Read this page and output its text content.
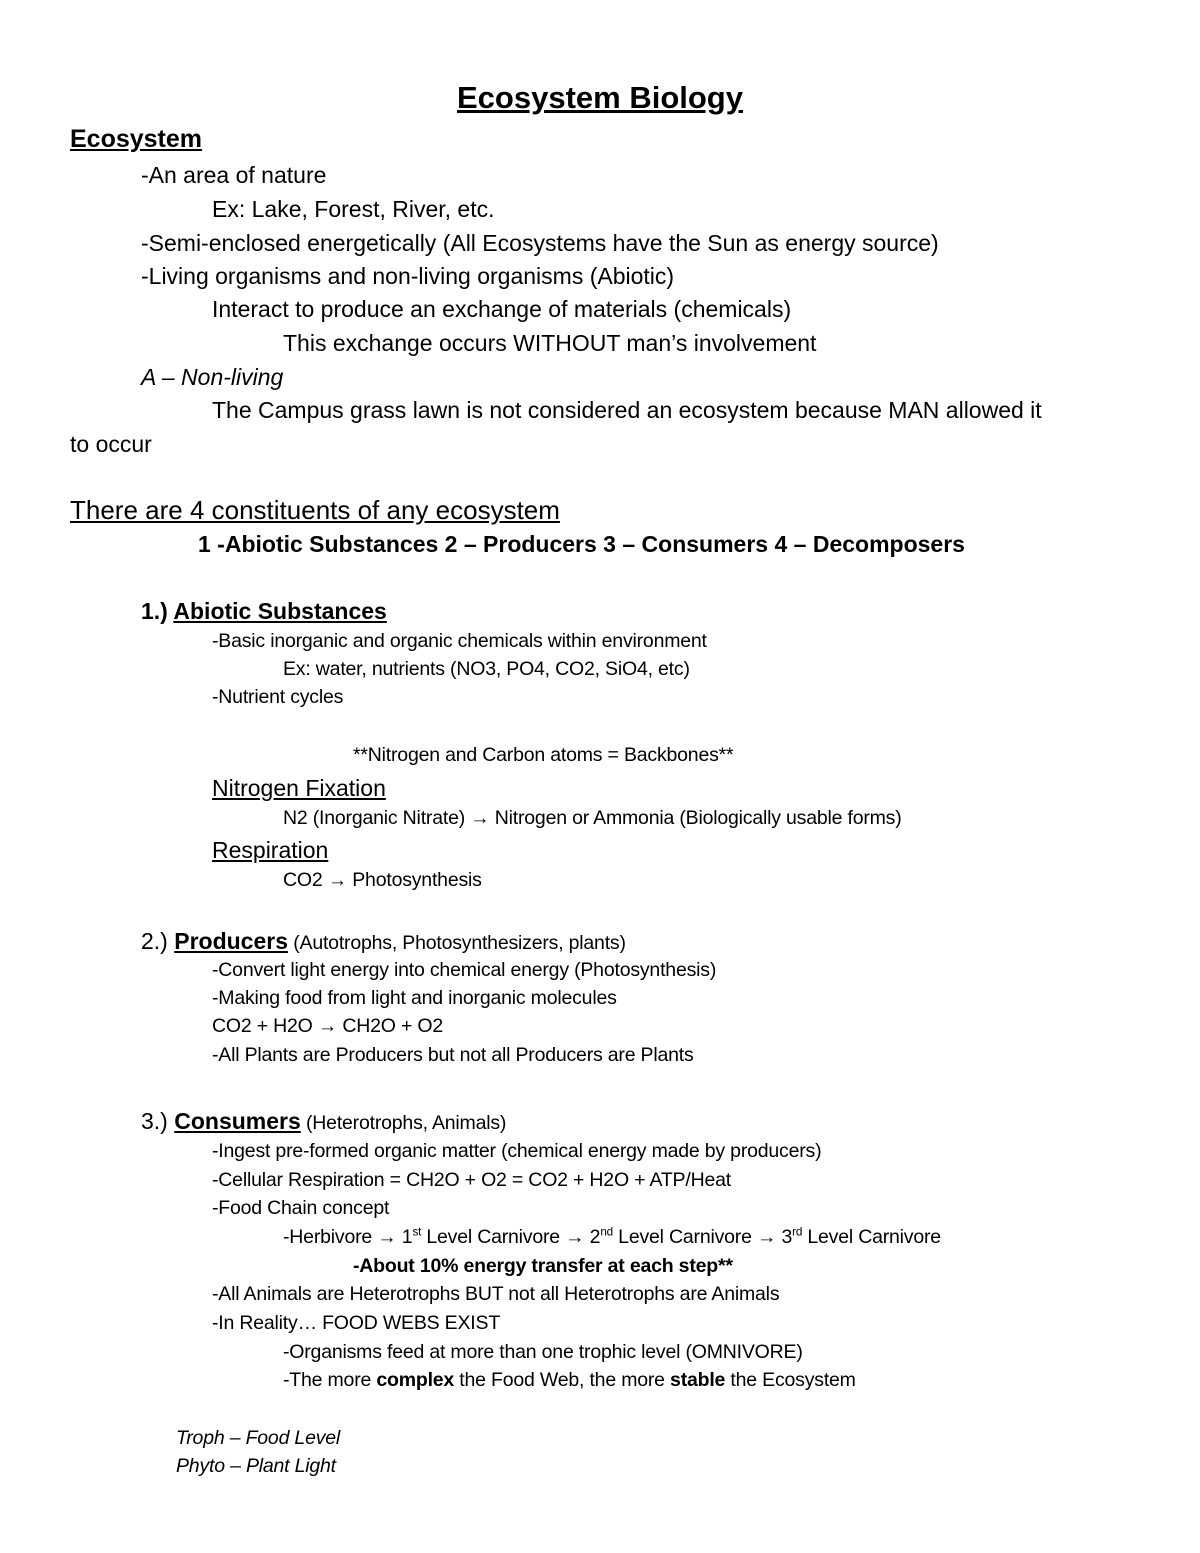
Ecosystem Biology
Ecosystem
-An area of nature
Ex: Lake, Forest, River, etc.
-Semi-enclosed energetically (All Ecosystems have the Sun as energy source)
-Living organisms and non-living organisms (Abiotic)
Interact to produce an exchange of materials (chemicals)
This exchange occurs WITHOUT man’s involvement
A – Non-living
The Campus grass lawn is not considered an ecosystem because MAN allowed it
to occur
There are 4 constituents of any ecosystem
1 -Abiotic Substances 2 – Producers 3 – Consumers 4 – Decomposers
1.) Abiotic Substances
-Basic inorganic and organic chemicals within environment
Ex: water, nutrients (NO3, PO4, CO2, SiO4, etc)
-Nutrient cycles
**Nitrogen and Carbon atoms = Backbones**
Nitrogen Fixation
N2 (Inorganic Nitrate) → Nitrogen or Ammonia (Biologically usable forms)
Respiration
CO2 → Photosynthesis
2.) Producers (Autotrophs, Photosynthesizers, plants)
-Convert light energy into chemical energy (Photosynthesis)
-Making food from light and inorganic molecules
CO2 + H2O → CH2O + O2
-All Plants are Producers but not all Producers are Plants
3.) Consumers (Heterotrophs, Animals)
-Ingest pre-formed organic matter (chemical energy made by producers)
-Cellular Respiration = CH2O + O2 = CO2 + H2O + ATP/Heat
-Food Chain concept
-Herbivore → 1st Level Carnivore → 2nd Level Carnivore → 3rd Level Carnivore
-About 10% energy transfer at each step**
-All Animals are Heterotrophs BUT not all Heterotrophs are Animals
-In Reality… FOOD WEBS EXIST
-Organisms feed at more than one trophic level (OMNIVORE)
-The more complex the Food Web, the more stable the Ecosystem
Troph – Food Level
Phyto – Plant Light
